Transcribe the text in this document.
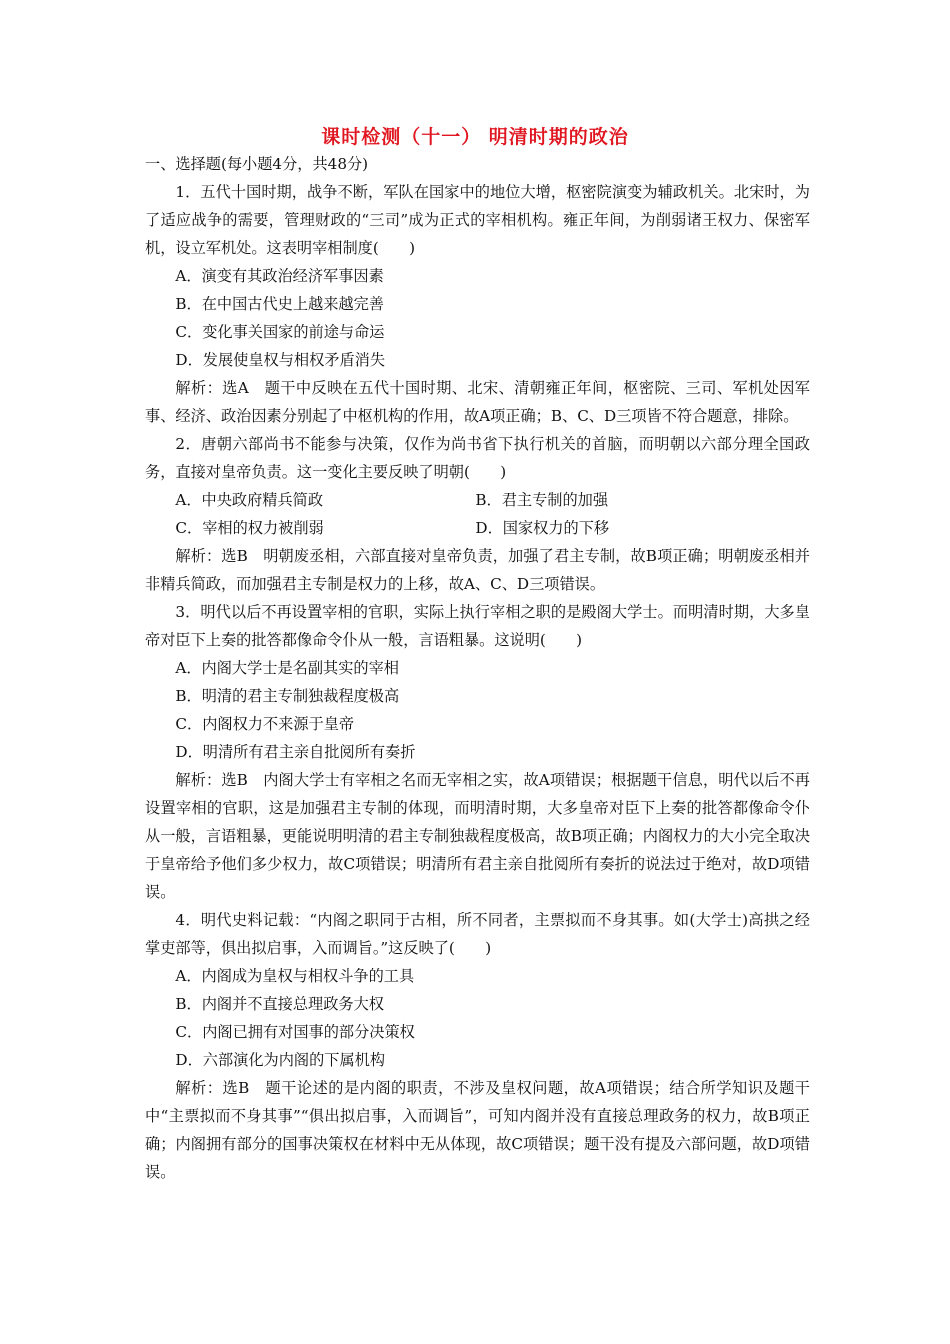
课时检测（十一） 明清时期的政治

一、选择题(每小题4分，共48分)

1．五代十国时期，战争不断，军队在国家中的地位大增，枢密院演变为辅政机关。北宋时，为了适应战争的需要，管理财政的“三司”成为正式的宰相机构。雍正年间，为削弱诸王权力、保密军机，设立军机处。这表明宰相制度(　　)

A．演变有其政治经济军事因素

B．在中国古代史上越来越完善

C．变化事关国家的前途与命运

D．发展使皇权与相权矛盾消失

解析：选A　题干中反映在五代十国时期、北宋、清朝雍正年间，枢密院、三司、军机处因军事、经济、政治因素分别起了中枢机构的作用，故A项正确；B、C、D三项皆不符合题意，排除。

2．唐朝六部尚书不能参与决策，仅作为尚书省下执行机关的首脑，而明朝以六部分理全国政务，直接对皇帝负责。这一变化主要反映了明朝(　　)

A．中央政府精兵简政	B．君主专制的加强
C．宰相的权力被削弱	D．国家权力的下移

解析：选B　明朝废丞相，六部直接对皇帝负责，加强了君主专制，故B项正确；明朝废丞相并非精兵简政，而加强君主专制是权力的上移，故A、C、D三项错误。

3．明代以后不再设置宰相的官职，实际上执行宰相之职的是殿阁大学士。而明清时期，大多皇帝对臣下上奏的批答都像命令仆从一般，言语粗暴。这说明(　　)

A．内阁大学士是名副其实的宰相

B．明清的君主专制独裁程度极高

C．内阁权力不来源于皇帝

D．明清所有君主亲自批阅所有奏折

解析：选B　内阁大学士有宰相之名而无宰相之实，故A项错误；根据题干信息，明代以后不再设置宰相的官职，这是加强君主专制的体现，而明清时期，大多皇帝对臣下上奏的批答都像命令仆从一般，言语粗暴，更能说明明清的君主专制独裁程度极高，故B项正确；内阁权力的大小完全取决于皇帝给予他们多少权力，故C项错误；明清所有君主亲自批阅所有奏折的说法过于绝对，故D项错误。

4．明代史料记载：“内阁之职同于古相，所不同者，主票拟而不身其事。如(大学士)高拱之经掌吏部等，俱出拟启事，入而调旨。”这反映了(　　)

A．内阁成为皇权与相权斗争的工具

B．内阁并不直接总理政务大权

C．内阁已拥有对国事的部分决策权

D．六部演化为内阁的下属机构

解析：选B　题干论述的是内阁的职责，不涉及皇权问题，故A项错误；结合所学知识及题干中“主票拟而不身其事”“俱出拟启事，入而调旨”，可知内阁并没有直接总理政务的权力，故B项正确；内阁拥有部分的国事决策权在材料中无从体现，故C项错误；题干没有提及六部问题，故D项错误。
